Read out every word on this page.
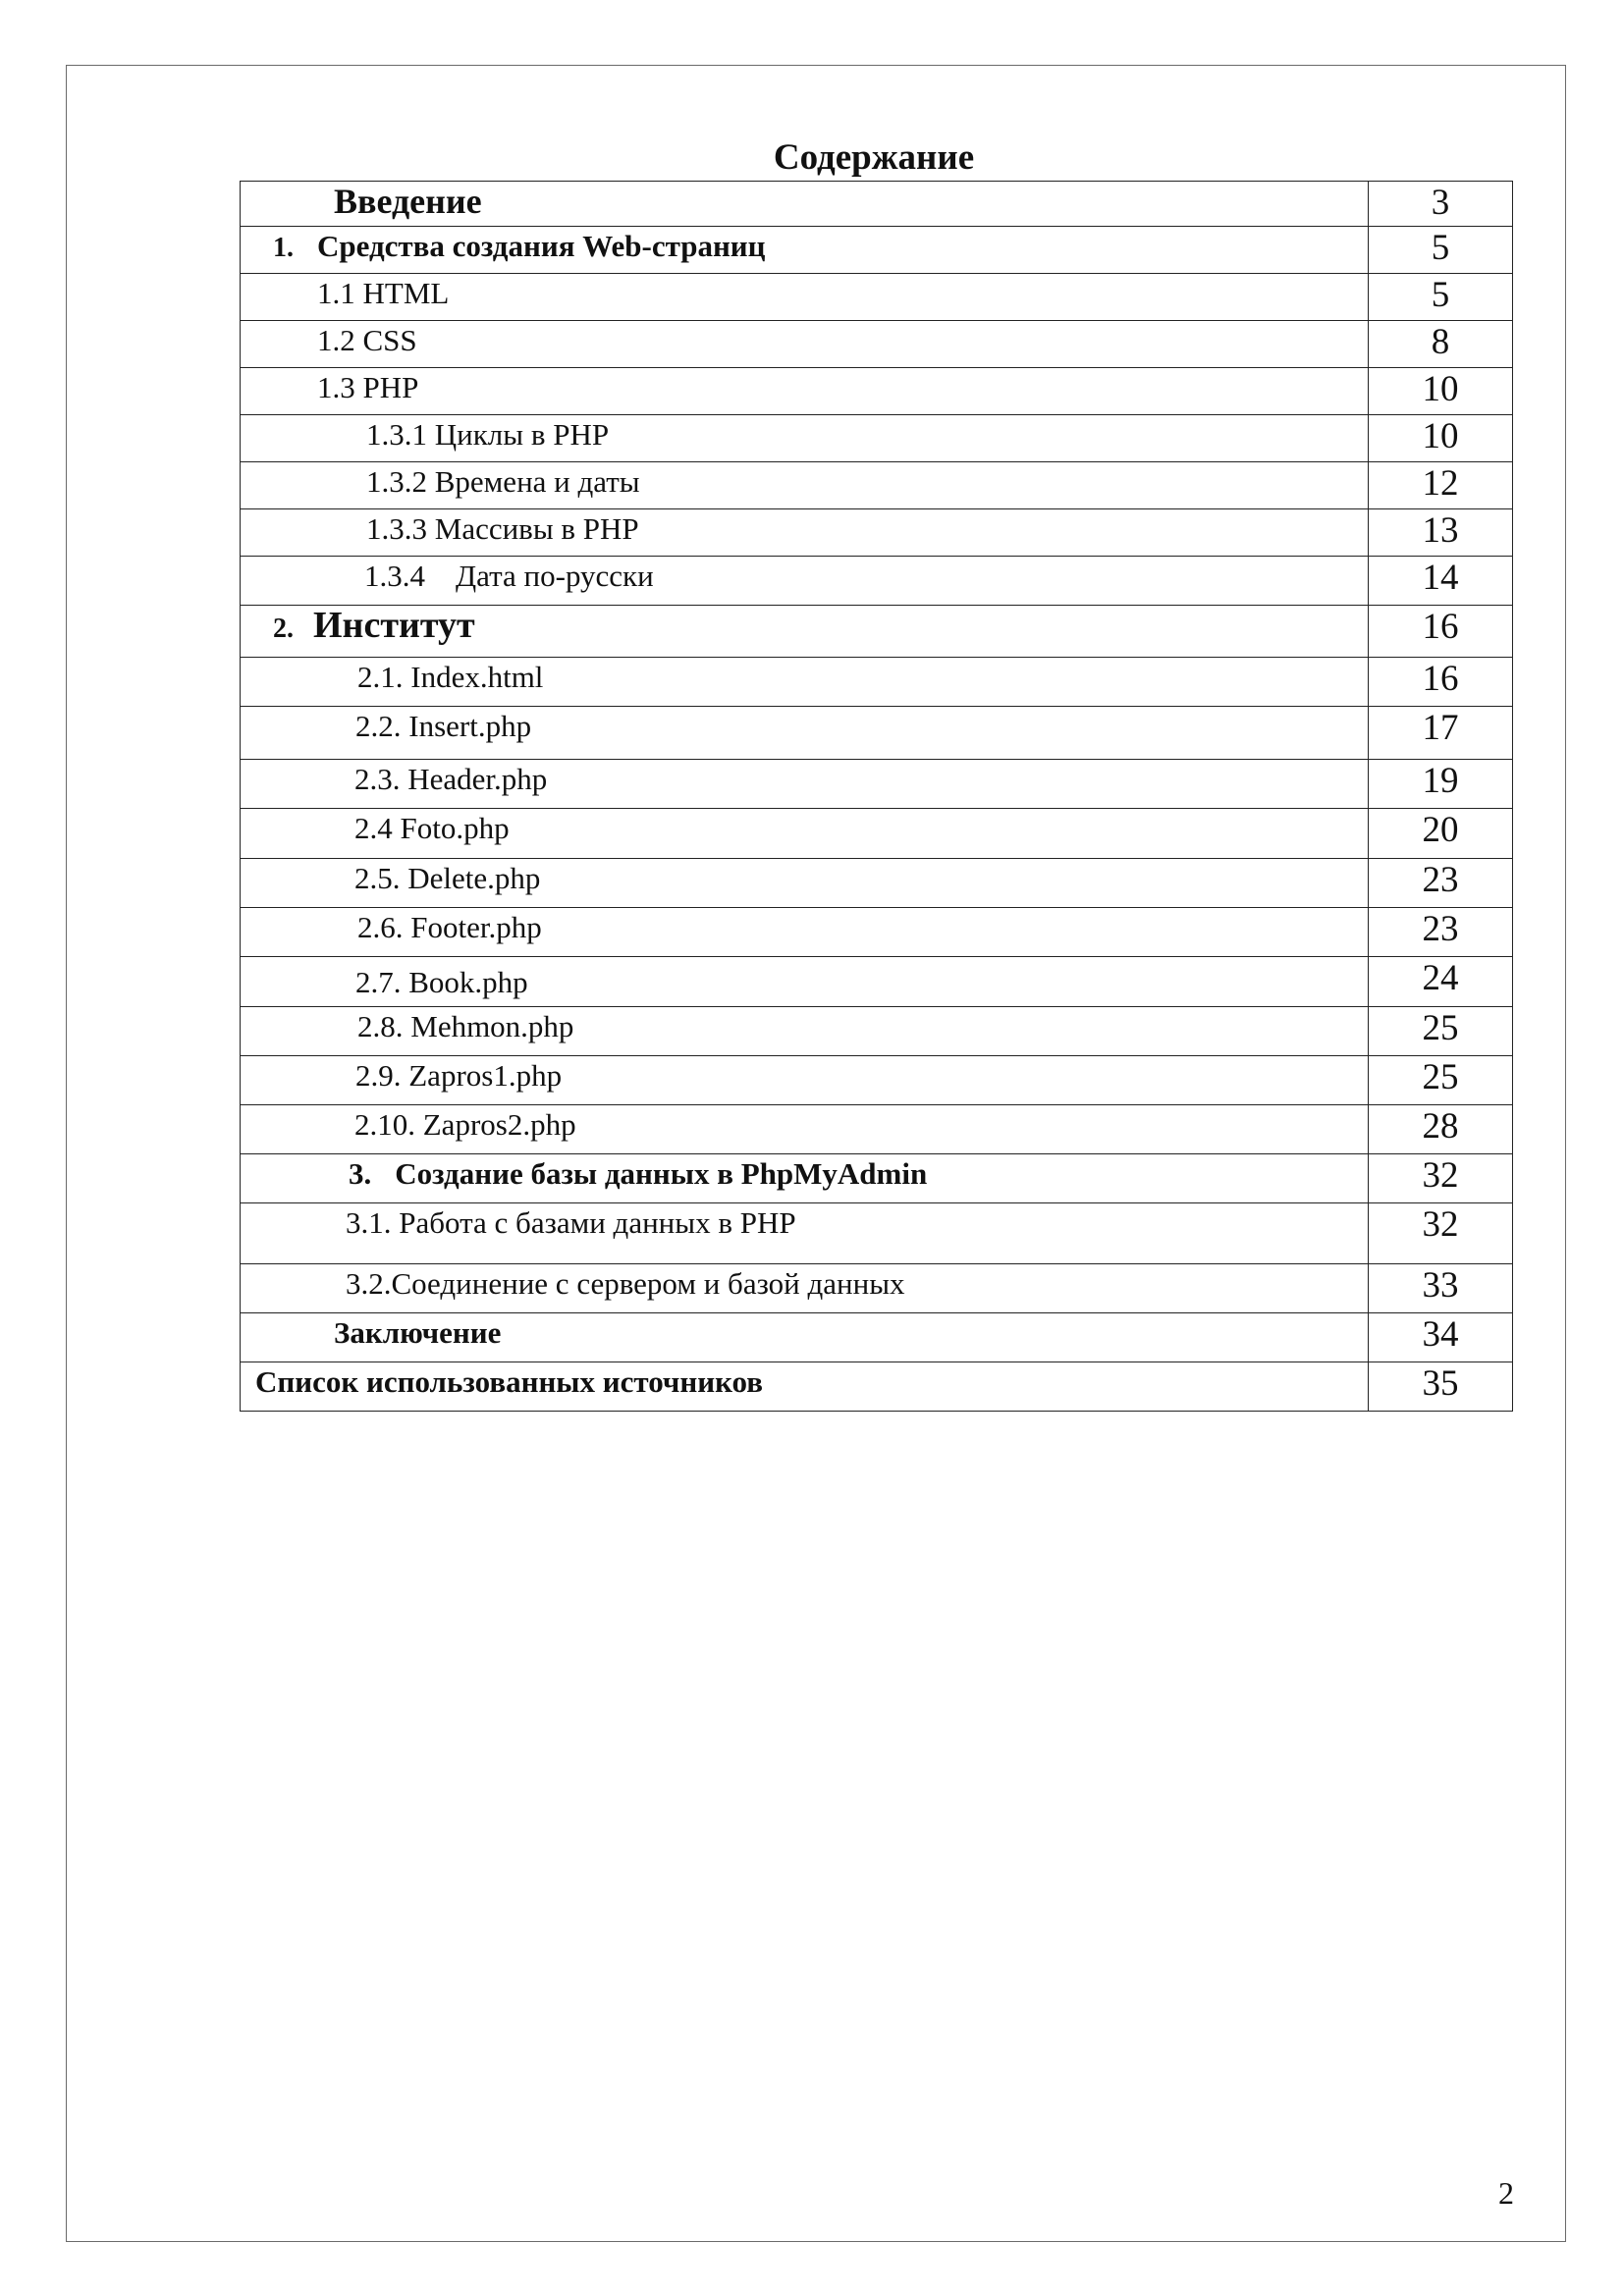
Содержание
Введение	3
1. Средства создания Web-страниц	5
1.1 HTML	5
1.2 CSS	8
1.3 PHP	10
1.3.1 Циклы в PHP	10
1.3.2 Времена и даты	12
1.3.3 Массивы в PHP	13
1.3.4    Дата по-русски	14
2. Институт	16
2.1. Index.html	16
2.2. Insert.php	17
2.3. Header.php	19
2.4 Foto.php	20
2.5. Delete.php	23
2.6. Footer.php	23
2.7. Book.php	24
2.8. Mehmon.php	25
2.9. Zapros1.php	25
2.10. Zapros2.php	28
3. Создание базы данных в PhpMyAdmin	32
3.1. Работа с базами данных в PHP	32
3.2.Соединение с сервером и базой данных	33
Заключение	34
Список использованных источников	35
2
